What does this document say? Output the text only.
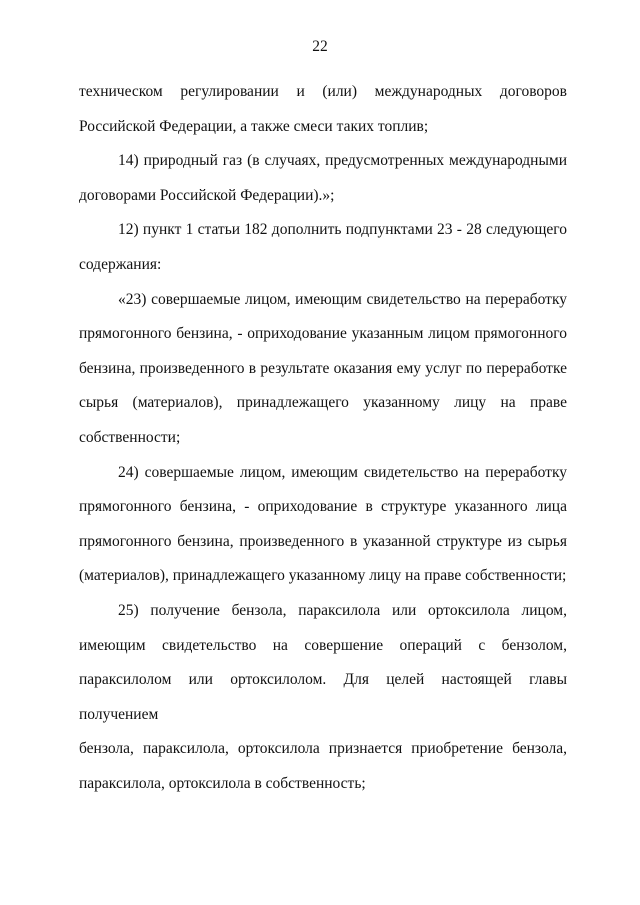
22

техническом регулировании и (или) международных договоров

Российской Федерации, а также смеси таких топлив;

14) природный газ (в случаях, предусмотренных международными

договорами Российской Федерации).»;

12) пункт 1 статьи 182 дополнить подпунктами 23 - 28 следующего

содержания:

«23) совершаемые лицом, имеющим свидетельство на переработку

прямогонного бензина, - оприходование указанным лицом прямогонного

бензина, произведенного в результате оказания ему услуг по переработке

сырья (материалов), принадлежащего указанному лицу на праве

собственности;

24) совершаемые лицом, имеющим свидетельство на переработку

прямогонного бензина, - оприходование в структуре указанного лица

прямогонного бензина, произведенного в указанной структуре из сырья

(материалов), принадлежащего указанному лицу на праве собственности;

25) получение бензола, параксилола или ортоксилола лицом,

имеющим свидетельство на совершение операций с бензолом,

параксилолом или ортоксилолом. Для целей настоящей главы получением

бензола, параксилола, ортоксилола признается приобретение бензола,

параксилола, ортоксилола в собственность;
